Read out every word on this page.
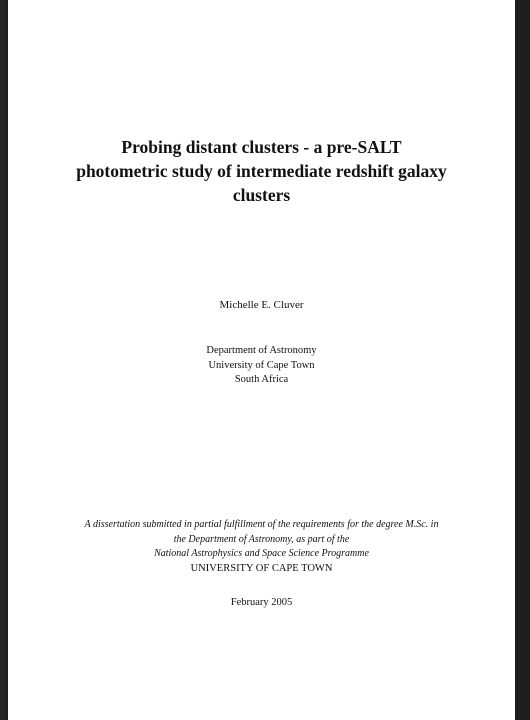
Probing distant clusters - a pre-SALT
photometric study of intermediate redshift galaxy
clusters
Michelle E. Cluver
Department of Astronomy
University of Cape Town
South Africa
A dissertation submitted in partial fulfillment of the requirements for the degree M.Sc. in
the Department of Astronomy, as part of the
National Astrophysics and Space Science Programme
UNIVERSITY OF CAPE TOWN
February 2005
